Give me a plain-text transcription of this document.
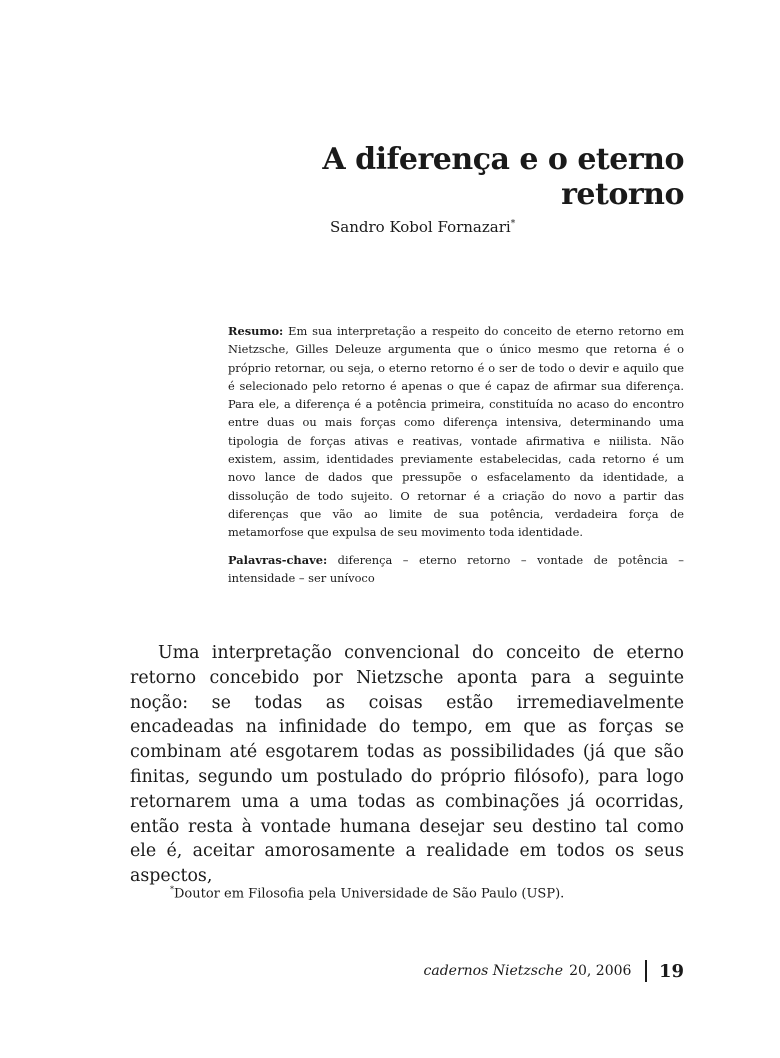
A diferença e o eterno retorno

Sandro Kobol Fornazari*

Resumo: Em sua interpretação a respeito do conceito de eterno retorno em Nietzsche, Gilles Deleuze argumenta que o único mesmo que retorna é o próprio retornar, ou seja, o eterno retorno é o ser de todo o devir e aquilo que é selecionado pelo retorno é apenas o que é capaz de afirmar sua diferença. Para ele, a diferença é a potência primeira, constituída no acaso do encontro entre duas ou mais forças como diferença intensiva, determinando uma tipologia de forças ativas e reativas, vontade afirmativa e niilista. Não existem, assim, identidades previamente estabelecidas, cada retorno é um novo lance de dados que pressupõe o esfacelamento da identidade, a dissolução de todo sujeito. O retornar é a criação do novo a partir das diferenças que vão ao limite de sua potência, verdadeira força de metamorfose que expulsa de seu movimento toda identidade.

Palavras-chave: diferença – eterno retorno – vontade de potência – intensidade – ser unívoco

Uma interpretação convencional do conceito de eterno retorno concebido por Nietzsche aponta para a seguinte noção: se todas as coisas estão irremediavelmente encadeadas na infinidade do tempo, em que as forças se combinam até esgotarem todas as possibilidades (já que são finitas, segundo um postulado do próprio filósofo), para logo retornarem uma a uma todas as combinações já ocorridas, então resta à vontade humana desejar seu destino tal como ele é, aceitar amorosamente a realidade em todos os seus aspectos,

*Doutor em Filosofia pela Universidade de São Paulo (USP).

cadernos Nietzsche 20, 2006 19
